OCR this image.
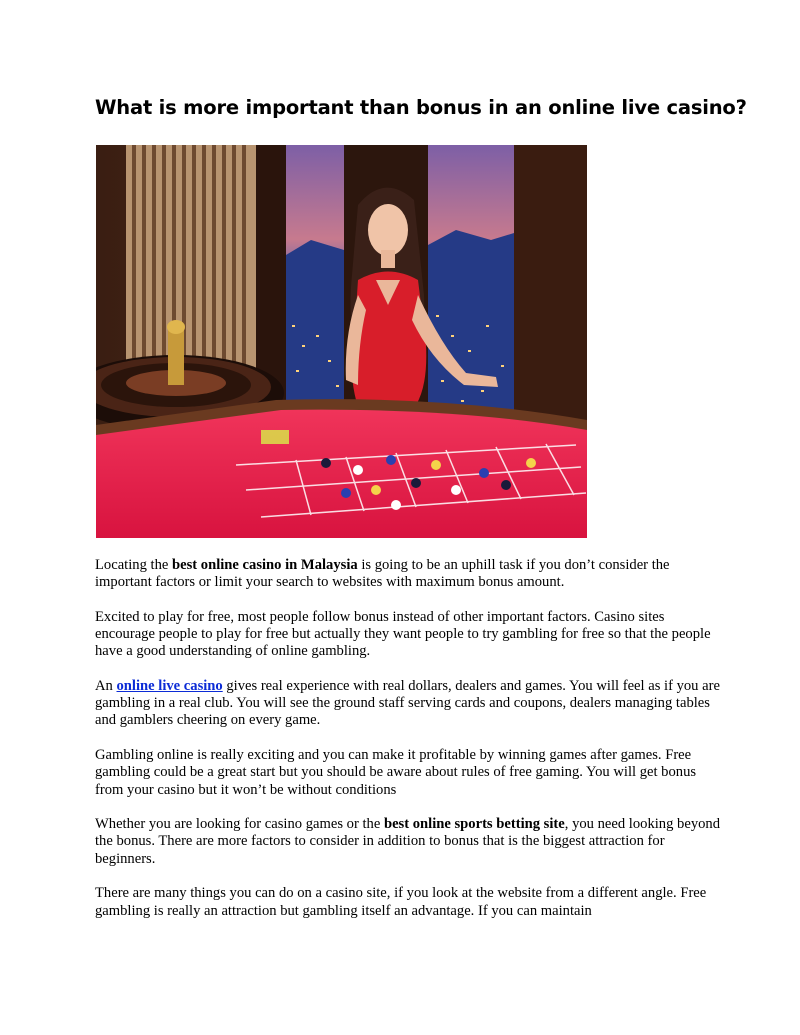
What is more important than bonus in an online live casino?

Locating the best online casino in Malaysia is going to be an uphill task if you don’t consider the important factors or limit your search to websites with maximum bonus amount.

Excited to play for free, most people follow bonus instead of other important factors. Casino sites encourage people to play for free but actually they want people to try gambling for free so that the people have a good understanding of online gambling.

An online live casino gives real experience with real dollars, dealers and games. You will feel as if you are gambling in a real club. You will see the ground staff serving cards and coupons, dealers managing tables and gamblers cheering on every game.

Gambling online is really exciting and you can make it profitable by winning games after games. Free gambling could be a great start but you should be aware about rules of free gaming. You will get bonus from your casino but it won’t be without conditions

Whether you are looking for casino games or the best online sports betting site, you need looking beyond the bonus. There are more factors to consider in addition to bonus that is the biggest attraction for beginners.

There are many things you can do on a casino site, if you look at the website from a different angle. Free gambling is really an attraction but gambling itself an advantage. If you can maintain
